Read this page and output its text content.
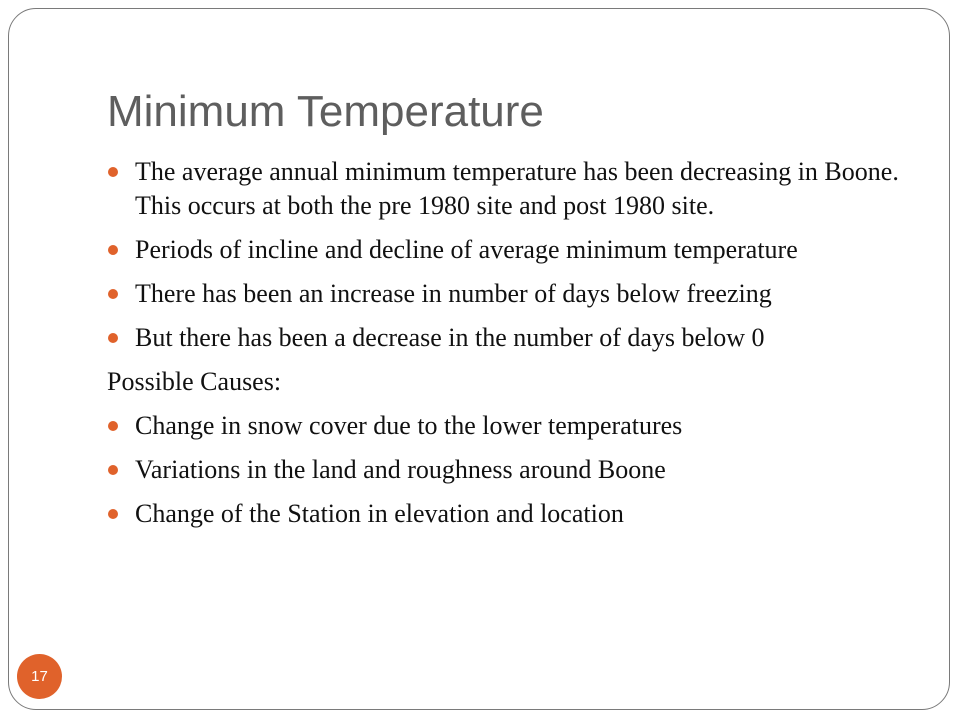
Minimum Temperature
The average annual minimum temperature has been decreasing in Boone. This occurs at both the pre 1980 site and post 1980 site.
Periods of incline and decline of average minimum temperature
There has been an increase in number of days below freezing
But there has been a decrease in the number of days below 0
Possible Causes:
Change in snow cover due to the lower temperatures
Variations in the land and roughness around Boone
Change of the Station in elevation and location
17
